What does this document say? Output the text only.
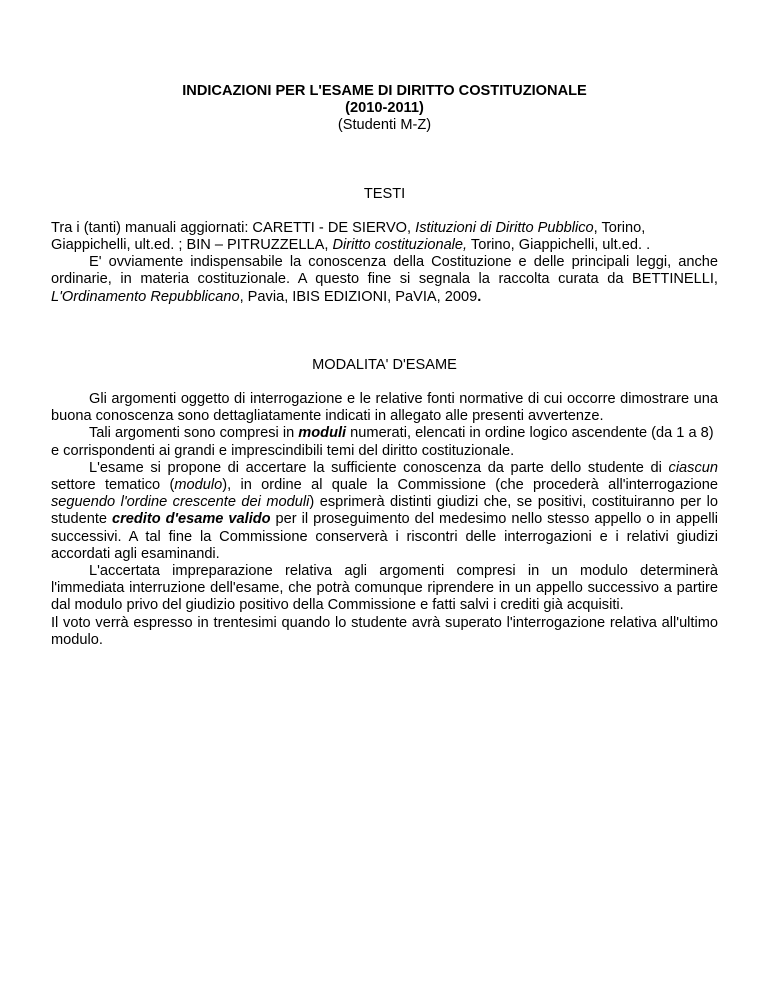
INDICAZIONI PER L'ESAME DI DIRITTO COSTITUZIONALE
(2010-2011)
(Studenti M-Z)
TESTI

Tra i (tanti) manuali aggiornati: CARETTI - DE SIERVO, Istituzioni di Diritto Pubblico, Torino, Giappichelli, ult.ed. ; BIN – PITRUZZELLA, Diritto costituzionale, Torino, Giappichelli, ult.ed. .

E' ovviamente indispensabile la conoscenza della Costituzione e delle principali leggi, anche ordinarie, in materia costituzionale. A questo fine si segnala la raccolta curata da BETTINELLI, L'Ordinamento Repubblicano, Pavia, IBIS EDIZIONI, PaVIA, 2009.

MODALITA' D'ESAME

Gli argomenti oggetto di interrogazione e le relative fonti normative di cui occorre dimostrare una buona conoscenza sono dettagliatamente indicati in allegato alle presenti avvertenze.

Tali argomenti sono compresi in moduli numerati, elencati in ordine logico ascendente (da 1 a 8) e corrispondenti ai grandi e imprescindibili temi del diritto costituzionale.

L'esame si propone di accertare la sufficiente conoscenza da parte dello studente di ciascun settore tematico (modulo), in ordine al quale la Commissione (che procederà all'interrogazione seguendo l'ordine crescente dei moduli) esprimerà distinti giudizi che, se positivi, costituiranno per lo studente credito d'esame valido per il proseguimento del medesimo nello stesso appello o in appelli successivi. A tal fine la Commissione conserverà i riscontri delle interrogazioni e i relativi giudizi accordati agli esaminandi.

L'accertata impreparazione relativa agli argomenti compresi in un modulo determinerà l'immediata interruzione dell'esame, che potrà comunque riprendere in un appello successivo a partire dal modulo privo del giudizio positivo della Commissione e fatti salvi i crediti già acquisiti.

Il voto verrà espresso in trentesimi quando lo studente avrà superato l'interrogazione relativa all'ultimo modulo.
